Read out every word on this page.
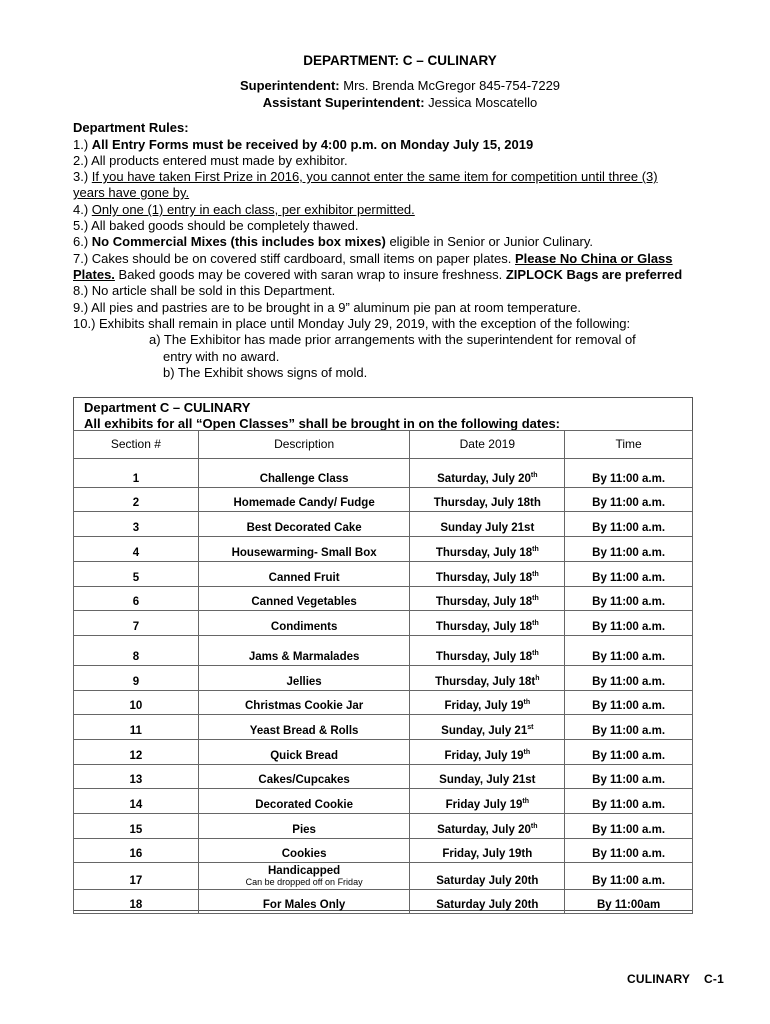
DEPARTMENT: C – CULINARY
Superintendent: Mrs. Brenda McGregor 845-754-7229
Assistant Superintendent: Jessica Moscatello
Department Rules:
1.) All Entry Forms must be received by 4:00 p.m. on Monday July 15, 2019
2.) All products entered must made by exhibitor.
3.) If you have taken First Prize in 2016, you cannot enter the same item for competition until three (3)
years have gone by.
4.) Only one (1) entry in each class, per exhibitor permitted.
5.) All baked goods should be completely thawed.
6.) No Commercial Mixes (this includes box mixes) eligible in Senior or Junior Culinary.
7.) Cakes should be on covered stiff cardboard, small items on paper plates. Please No China or Glass
Plates. Baked goods may be covered with saran wrap to insure freshness. ZIPLOCK Bags are preferred
8.) No article shall be sold in this Department.
9.) All pies and pastries are to be brought in a 9” aluminum pie pan at room temperature.
10.) Exhibits shall remain in place until Monday July 29, 2019, with the exception of the following:
a) The Exhibitor has made prior arrangements with the superintendent for removal of
entry with no award.
b) The Exhibit shows signs of mold.
Department C – CULINARY
All exhibits for all “Open Classes” shall be brought in on the following dates:
Section #	Description	Date 2019	Time
1	Challenge Class	Saturday, July 20th	By 11:00 a.m.
2	Homemade Candy/ Fudge	Thursday, July 18th	By 11:00 a.m.
3	Best Decorated Cake	Sunday July 21st	By 11:00 a.m.
4	Housewarming- Small Box	Thursday, July 18th	By 11:00 a.m.
5	Canned Fruit	Thursday, July 18th	By 11:00 a.m.
6	Canned Vegetables	Thursday, July 18th	By 11:00 a.m.
7	Condiments	Thursday, July 18th	By 11:00 a.m.
8	Jams & Marmalades	Thursday, July 18th	By 11:00 a.m.
9	Jellies	Thursday, July $18t^h$	By 11:00 a.m.
10	Christmas Cookie Jar	Friday, July 19th	By 11:00 a.m.
11	Yeast Bread & Rolls	Sunday, July 21st	By 11:00 a.m.
12	Quick Bread	Friday, July 19th	By 11:00 a.m.
13	Cakes/Cupcakes	Sunday, July 21st	By 11:00 a.m.
14	Decorated Cookie	Friday July 19th	By 11:00 a.m.
15	Pies	Saturday, July 20th	By 11:00 a.m.
16	Cookies	Friday, July 19th	By 11:00 a.m.
17	Handicapped
Can be dropped off on Friday	Saturday July 20th	By 11:00 a.m.
18	For Males Only	Saturday July 20th	By 11:00am
CULINARY    C-1
